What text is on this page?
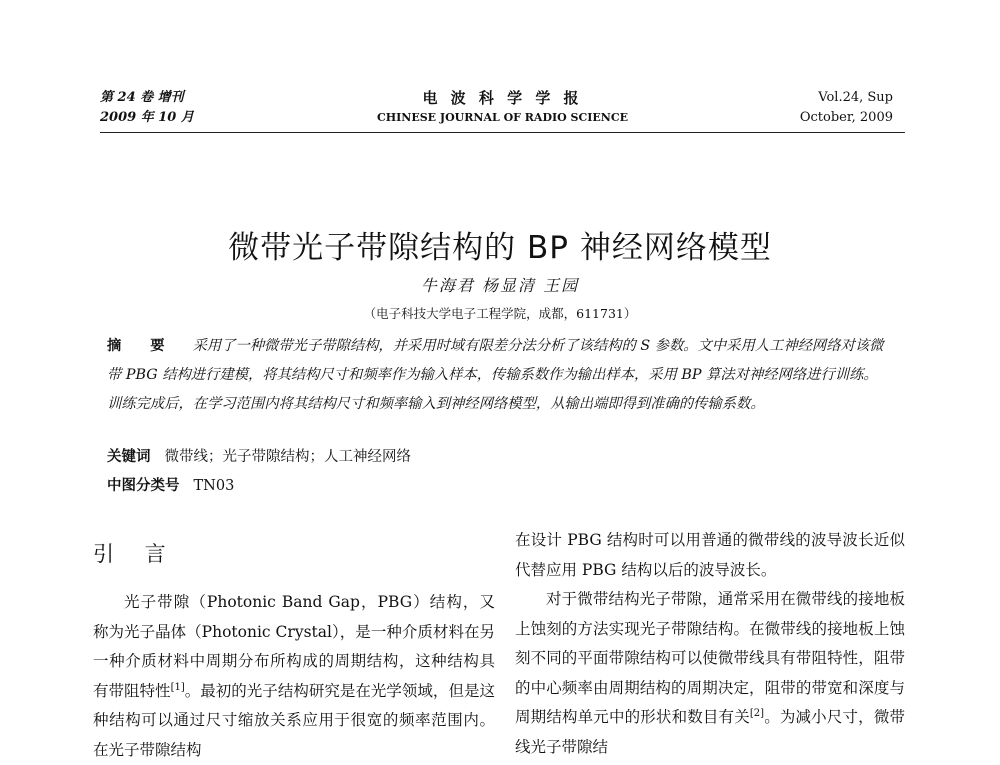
第 24 卷 增刊
2009 年 10 月
电 波 科 学 学 报
CHINESE JOURNAL OF RADIO SCIENCE
Vol.24, Sup
October, 2009
微带光子带隙结构的 BP 神经网络模型
牛海君 杨显清 王园
（电子科技大学电子工程学院，成都，611731）
摘 要 采用了一种微带光子带隙结构，并采用时域有限差分法分析了该结构的 S 参数。文中采用人工神经网络对该微带 PBG 结构进行建模，将其结构尺寸和频率作为输入样本，传输系数作为输出样本，采用 BP 算法对神经网络进行训练。训练完成后，在学习范围内将其结构尺寸和频率输入到神经网络模型，从输出端即得到准确的传输系数。
关键词 微带线；光子带隙结构；人工神经网络
中图分类号 TN03
引 言

光子带隙（Photonic Band Gap，PBG）结构，又称为光子晶体（Photonic Crystal），是一种介质材料在另一种介质材料中周期分布所构成的周期结构，这种结构具有带阻特性[1]。最初的光子结构研究是在光学领域，但是这种结构可以通过尺寸缩放关系应用于很宽的频率范围内。在光子带隙结构

在设计 PBG 结构时可以用普通的微带线的波导波长近似代替应用 PBG 结构以后的波导波长。

对于微带结构光子带隙，通常采用在微带线的接地板上蚀刻的方法实现光子带隙结构。在微带线的接地板上蚀刻不同的平面带隙结构可以使微带线具有带阻特性，阻带的中心频率由周期结构的周期决定，阻带的带宽和深度与周期结构单元中的形状和数目有关[2]。为减小尺寸，微带线光子带隙结
